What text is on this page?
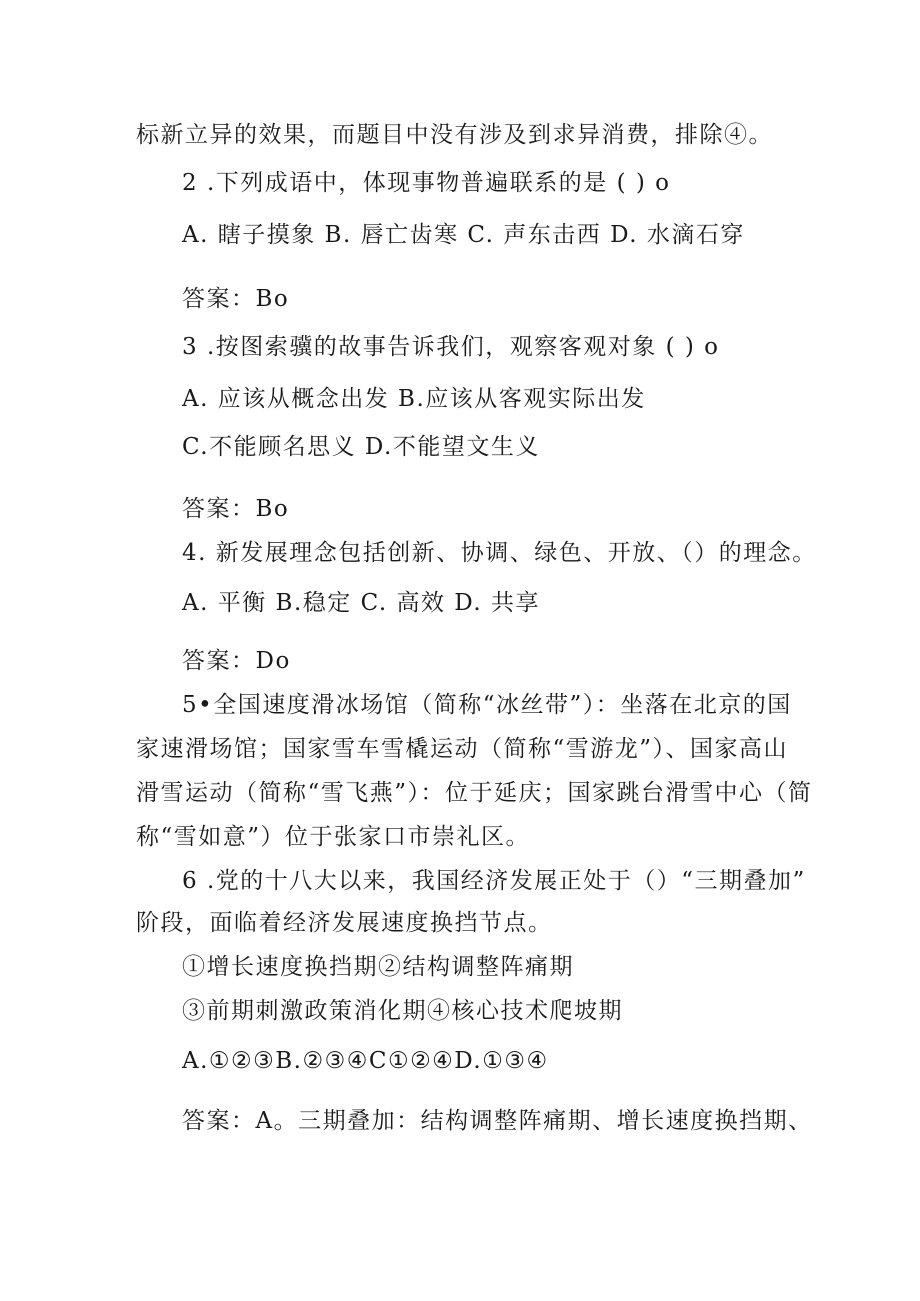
标新立异的效果，而题目中没有涉及到求异消费，排除④。
2 .下列成语中，体现事物普遍联系的是 ( ) o
A. 瞎子摸象 B. 唇亡齿寒 C. 声东击西 D. 水滴石穿
答案：Bo
3 .按图索骥的故事告诉我们，观察客观对象 ( ) o
A. 应该从概念出发 B.应该从客观实际出发
C.不能顾名思义 D.不能望文生义
答案：Bo
4. 新发展理念包括创新、协调、绿色、开放、（）的理念。
A. 平衡 B.稳定 C. 高效 D. 共享
答案：Do
5•全国速度滑冰场馆（简称“冰丝带”）：坐落在北京的国
家速滑场馆；国家雪车雪橇运动（简称“雪游龙”）、国家高山
滑雪运动（简称“雪飞燕”）：位于延庆；国家跳台滑雪中心（简
称“雪如意”）位于张家口市崇礼区。
6 .党的十八大以来，我国经济发展正处于（）“三期叠加”
阶段，面临着经济发展速度换挡节点。
①增长速度换挡期②结构调整阵痛期
③前期刺激政策消化期④核心技术爬坡期
A.①②③B.②③④C①②④D.①③④
答案：A。三期叠加：结构调整阵痛期、增长速度换挡期、
